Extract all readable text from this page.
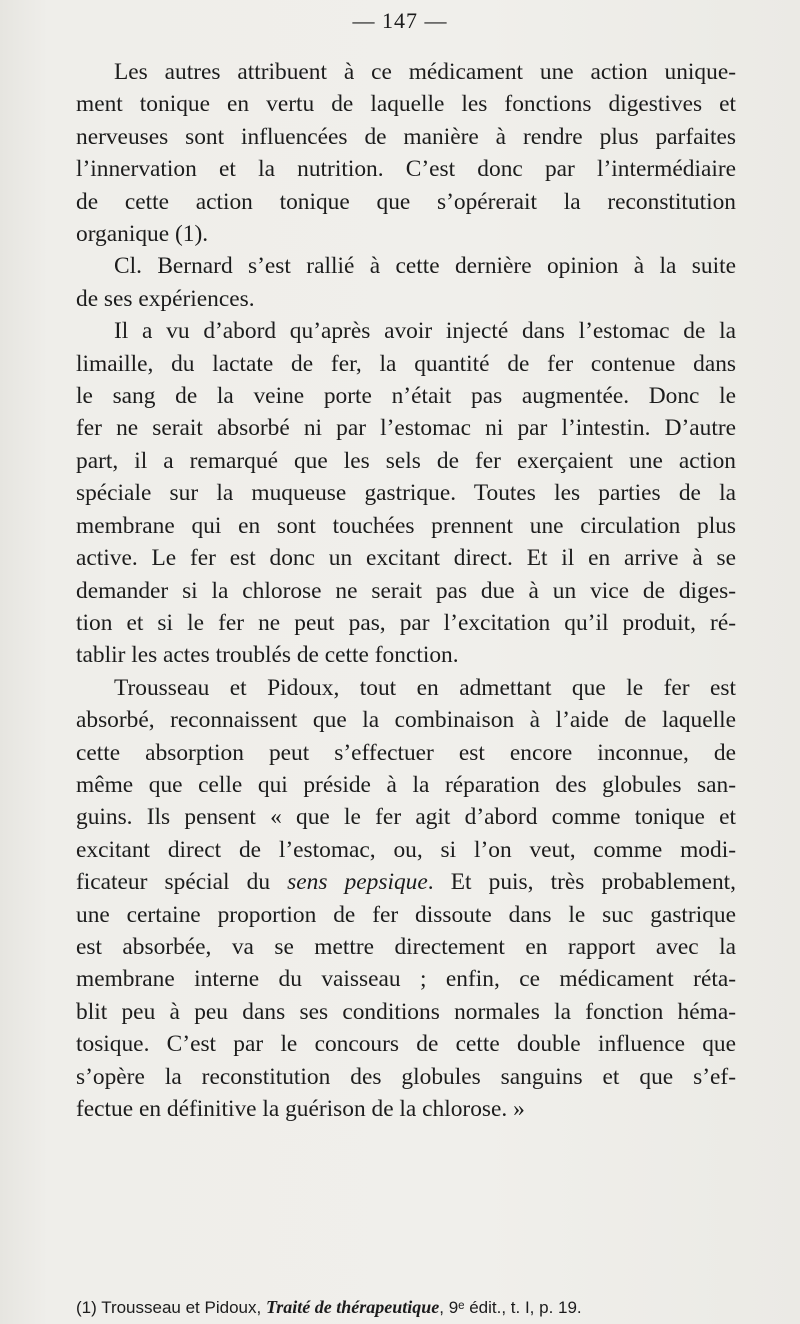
— 147 —
Les autres attribuent à ce médicament une action unique-
ment tonique en vertu de laquelle les fonctions digestives et
nerveuses sont influencées de manière à rendre plus parfaites
l’innervation et la nutrition. C’est donc par l’intermédiaire
de cette action tonique que s’opérerait la reconstitution
organique (1).
Cl. Bernard s’est rallié à cette dernière opinion à la suite
de ses expériences.
Il a vu d’abord qu’après avoir injecté dans l’estomac de la
limaille, du lactate de fer, la quantité de fer contenue dans
le sang de la veine porte n’était pas augmentée. Donc le
fer ne serait absorbé ni par l’estomac ni par l’intestin. D’autre
part, il a remarqué que les sels de fer exerçaient une action
spéciale sur la muqueuse gastrique. Toutes les parties de la
membrane qui en sont touchées prennent une circulation plus
active. Le fer est donc un excitant direct. Et il en arrive à se
demander si la chlorose ne serait pas due à un vice de diges-
tion et si le fer ne peut pas, par l’excitation qu’il produit, ré-
tablir les actes troublés de cette fonction.
Trousseau et Pidoux, tout en admettant que le fer est
absorbé, reconnaissent que la combinaison à l’aide de laquelle
cette absorption peut s’effectuer est encore inconnue, de
même que celle qui préside à la réparation des globules san-
guins. Ils pensent « que le fer agit d’abord comme tonique et
excitant direct de l’estomac, ou, si l’on veut, comme modi-
ficateur spécial du sens pepsique. Et puis, très probablement,
une certaine proportion de fer dissoute dans le suc gastrique
est absorbée, va se mettre directement en rapport avec la
membrane interne du vaisseau ; enfin, ce médicament réta-
blit peu à peu dans ses conditions normales la fonction héma-
tosique. C’est par le concours de cette double influence que
s’opère la reconstitution des globules sanguins et que s’ef-
fectue en définitive la guérison de la chlorose. »
(1) Trousseau et Pidoux, Traité de thérapeutique, 9ᵉ édit., t. I, p. 19.
